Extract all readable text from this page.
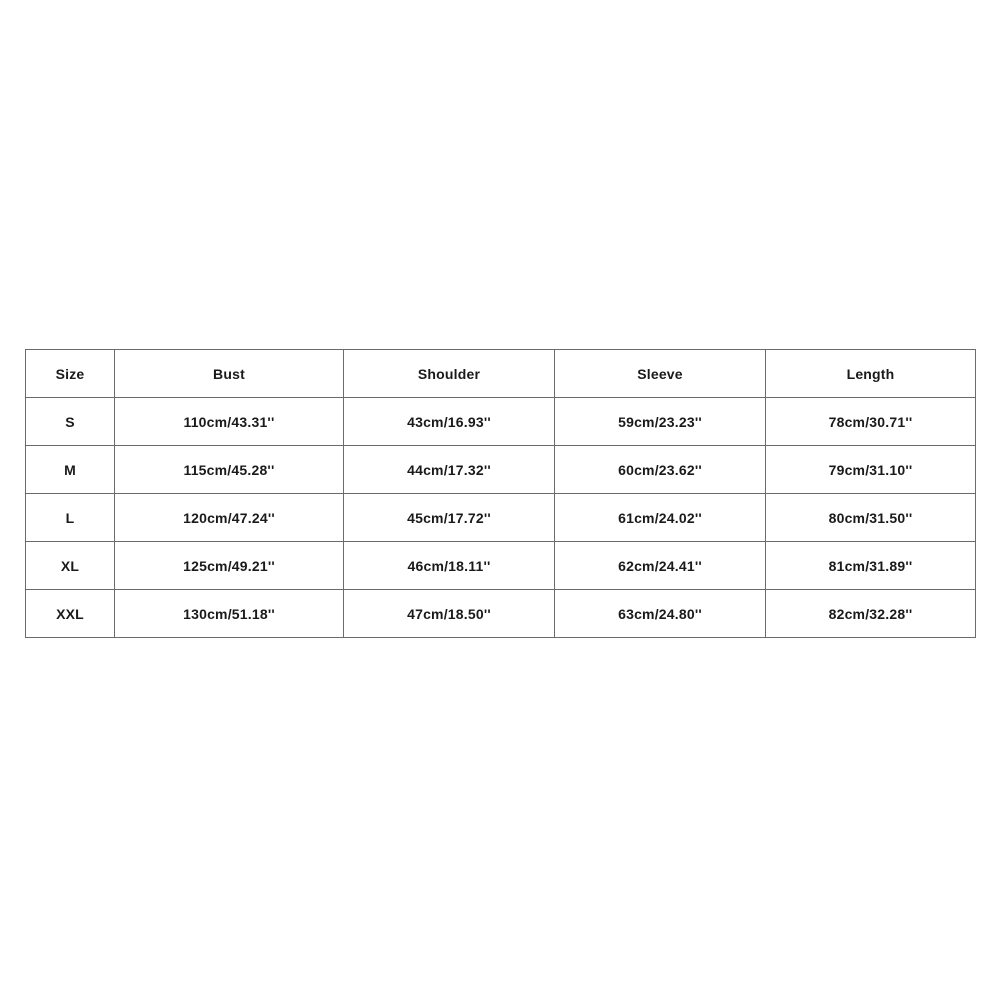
Size	Bust	Shoulder	Sleeve	Length
S	110cm/43.31''	43cm/16.93''	59cm/23.23''	78cm/30.71''
M	115cm/45.28''	44cm/17.32''	60cm/23.62''	79cm/31.10''
L	120cm/47.24''	45cm/17.72''	61cm/24.02''	80cm/31.50''
XL	125cm/49.21''	46cm/18.11''	62cm/24.41''	81cm/31.89''
XXL	130cm/51.18''	47cm/18.50''	63cm/24.80''	82cm/32.28''
